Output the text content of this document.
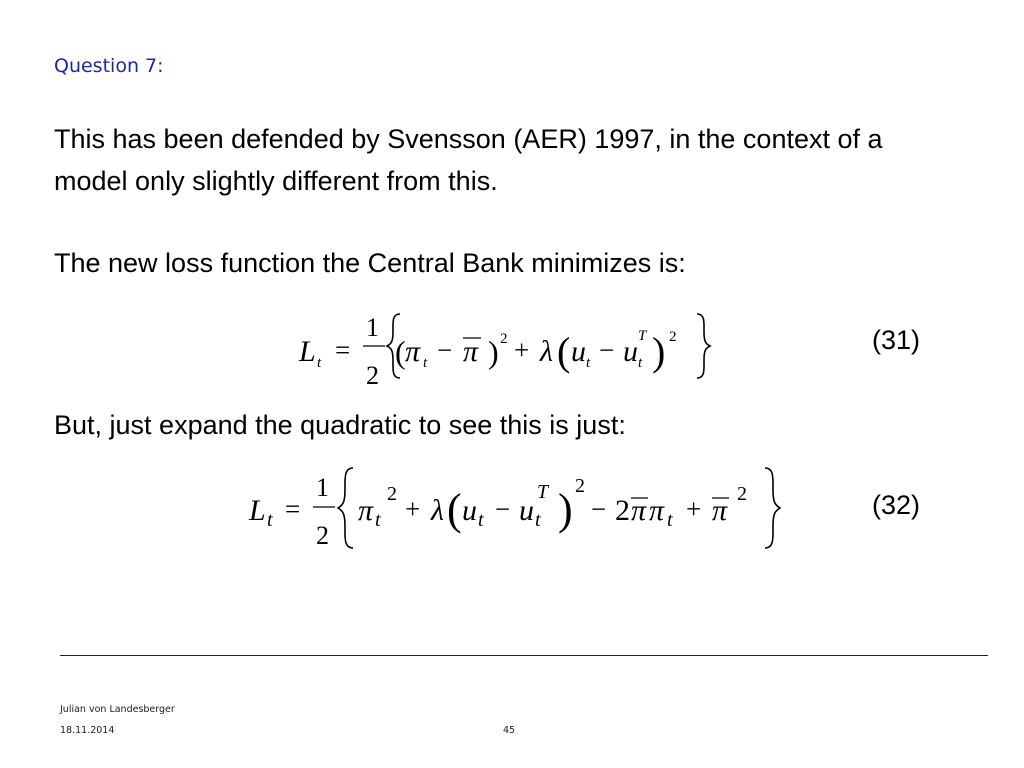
Question 7:

This has been defended by Svensson (AER) 1997, in the context of a model only slightly different from this.

The new loss function the Central Bank minimizes is:

L t =
1
2
( π t − π ) 2 + λ ( u t − u t
T ) 2	(31)

But, just expand the quadratic to see this is just:

L t =
1
2
π t
2 + λ ( u t − u t
T ) 2
− 2 π π t + π 2	(32)
Julian von Landesberger
18.11.2014	45
